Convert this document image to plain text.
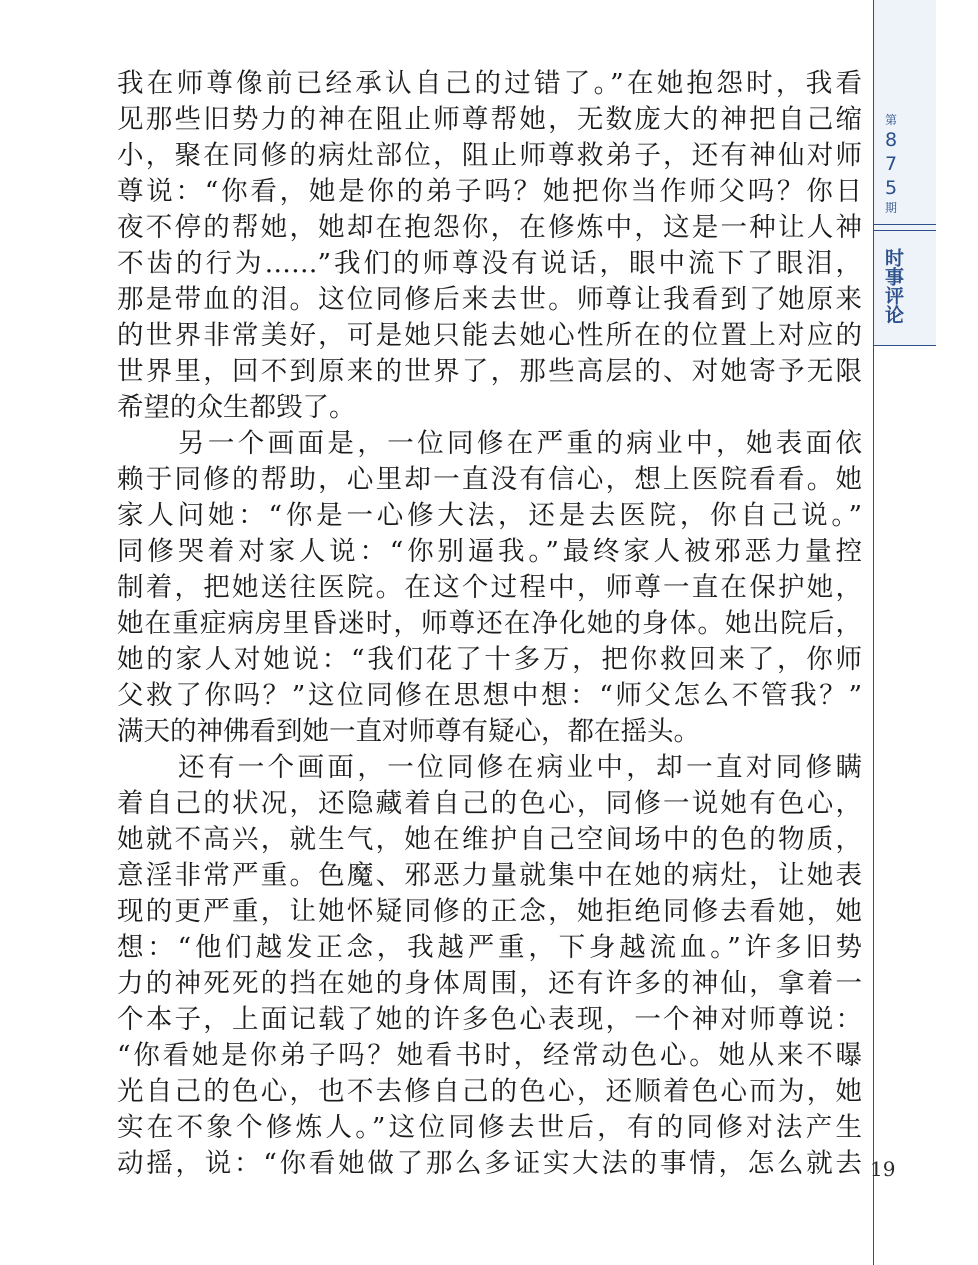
我在师尊像前已经承认自己的过错了。”在她抱怨时，我看
见那些旧势力的神在阻止师尊帮她，无数庞大的神把自己缩
小，聚在同修的病灶部位，阻止师尊救弟子，还有神仙对师
尊说：“你看，她是你的弟子吗？她把你当作师父吗？你日
夜不停的帮她，她却在抱怨你，在修炼中，这是一种让人神
不齿的行为……”我们的师尊没有说话，眼中流下了眼泪，
那是带血的泪。这位同修后来去世。师尊让我看到了她原来
的世界非常美好，可是她只能去她心性所在的位置上对应的
世界里，回不到原来的世界了，那些高层的、对她寄予无限
希望的众生都毁了。
另一个画面是，一位同修在严重的病业中，她表面依
赖于同修的帮助，心里却一直没有信心，想上医院看看。她
家人问她：“你是一心修大法，还是去医院，你自己说。”
同修哭着对家人说：“你别逼我。”最终家人被邪恶力量控
制着，把她送往医院。在这个过程中，师尊一直在保护她，
她在重症病房里昏迷时，师尊还在净化她的身体。她出院后，
她的家人对她说：“我们花了十多万，把你救回来了，你师
父救了你吗？”这位同修在思想中想：“师父怎么不管我？”
满天的神佛看到她一直对师尊有疑心，都在摇头。
还有一个画面，一位同修在病业中，却一直对同修瞒
着自己的状况，还隐藏着自己的色心，同修一说她有色心，
她就不高兴，就生气，她在维护自己空间场中的色的物质，
意淫非常严重。色魔、邪恶力量就集中在她的病灶，让她表
现的更严重，让她怀疑同修的正念，她拒绝同修去看她，她
想：“他们越发正念，我越严重，下身越流血。”许多旧势
力的神死死的挡在她的身体周围，还有许多的神仙，拿着一
个本子，上面记载了她的许多色心表现，一个神对师尊说：
“你看她是你弟子吗？她看书时，经常动色心。她从来不曝
光自己的色心，也不去修自己的色心，还顺着色心而为，她
实在不象个修炼人。”这位同修去世后，有的同修对法产生
动摇，说：“你看她做了那么多证实大法的事情，怎么就去
第
8
7
5
期
时事评论
19
